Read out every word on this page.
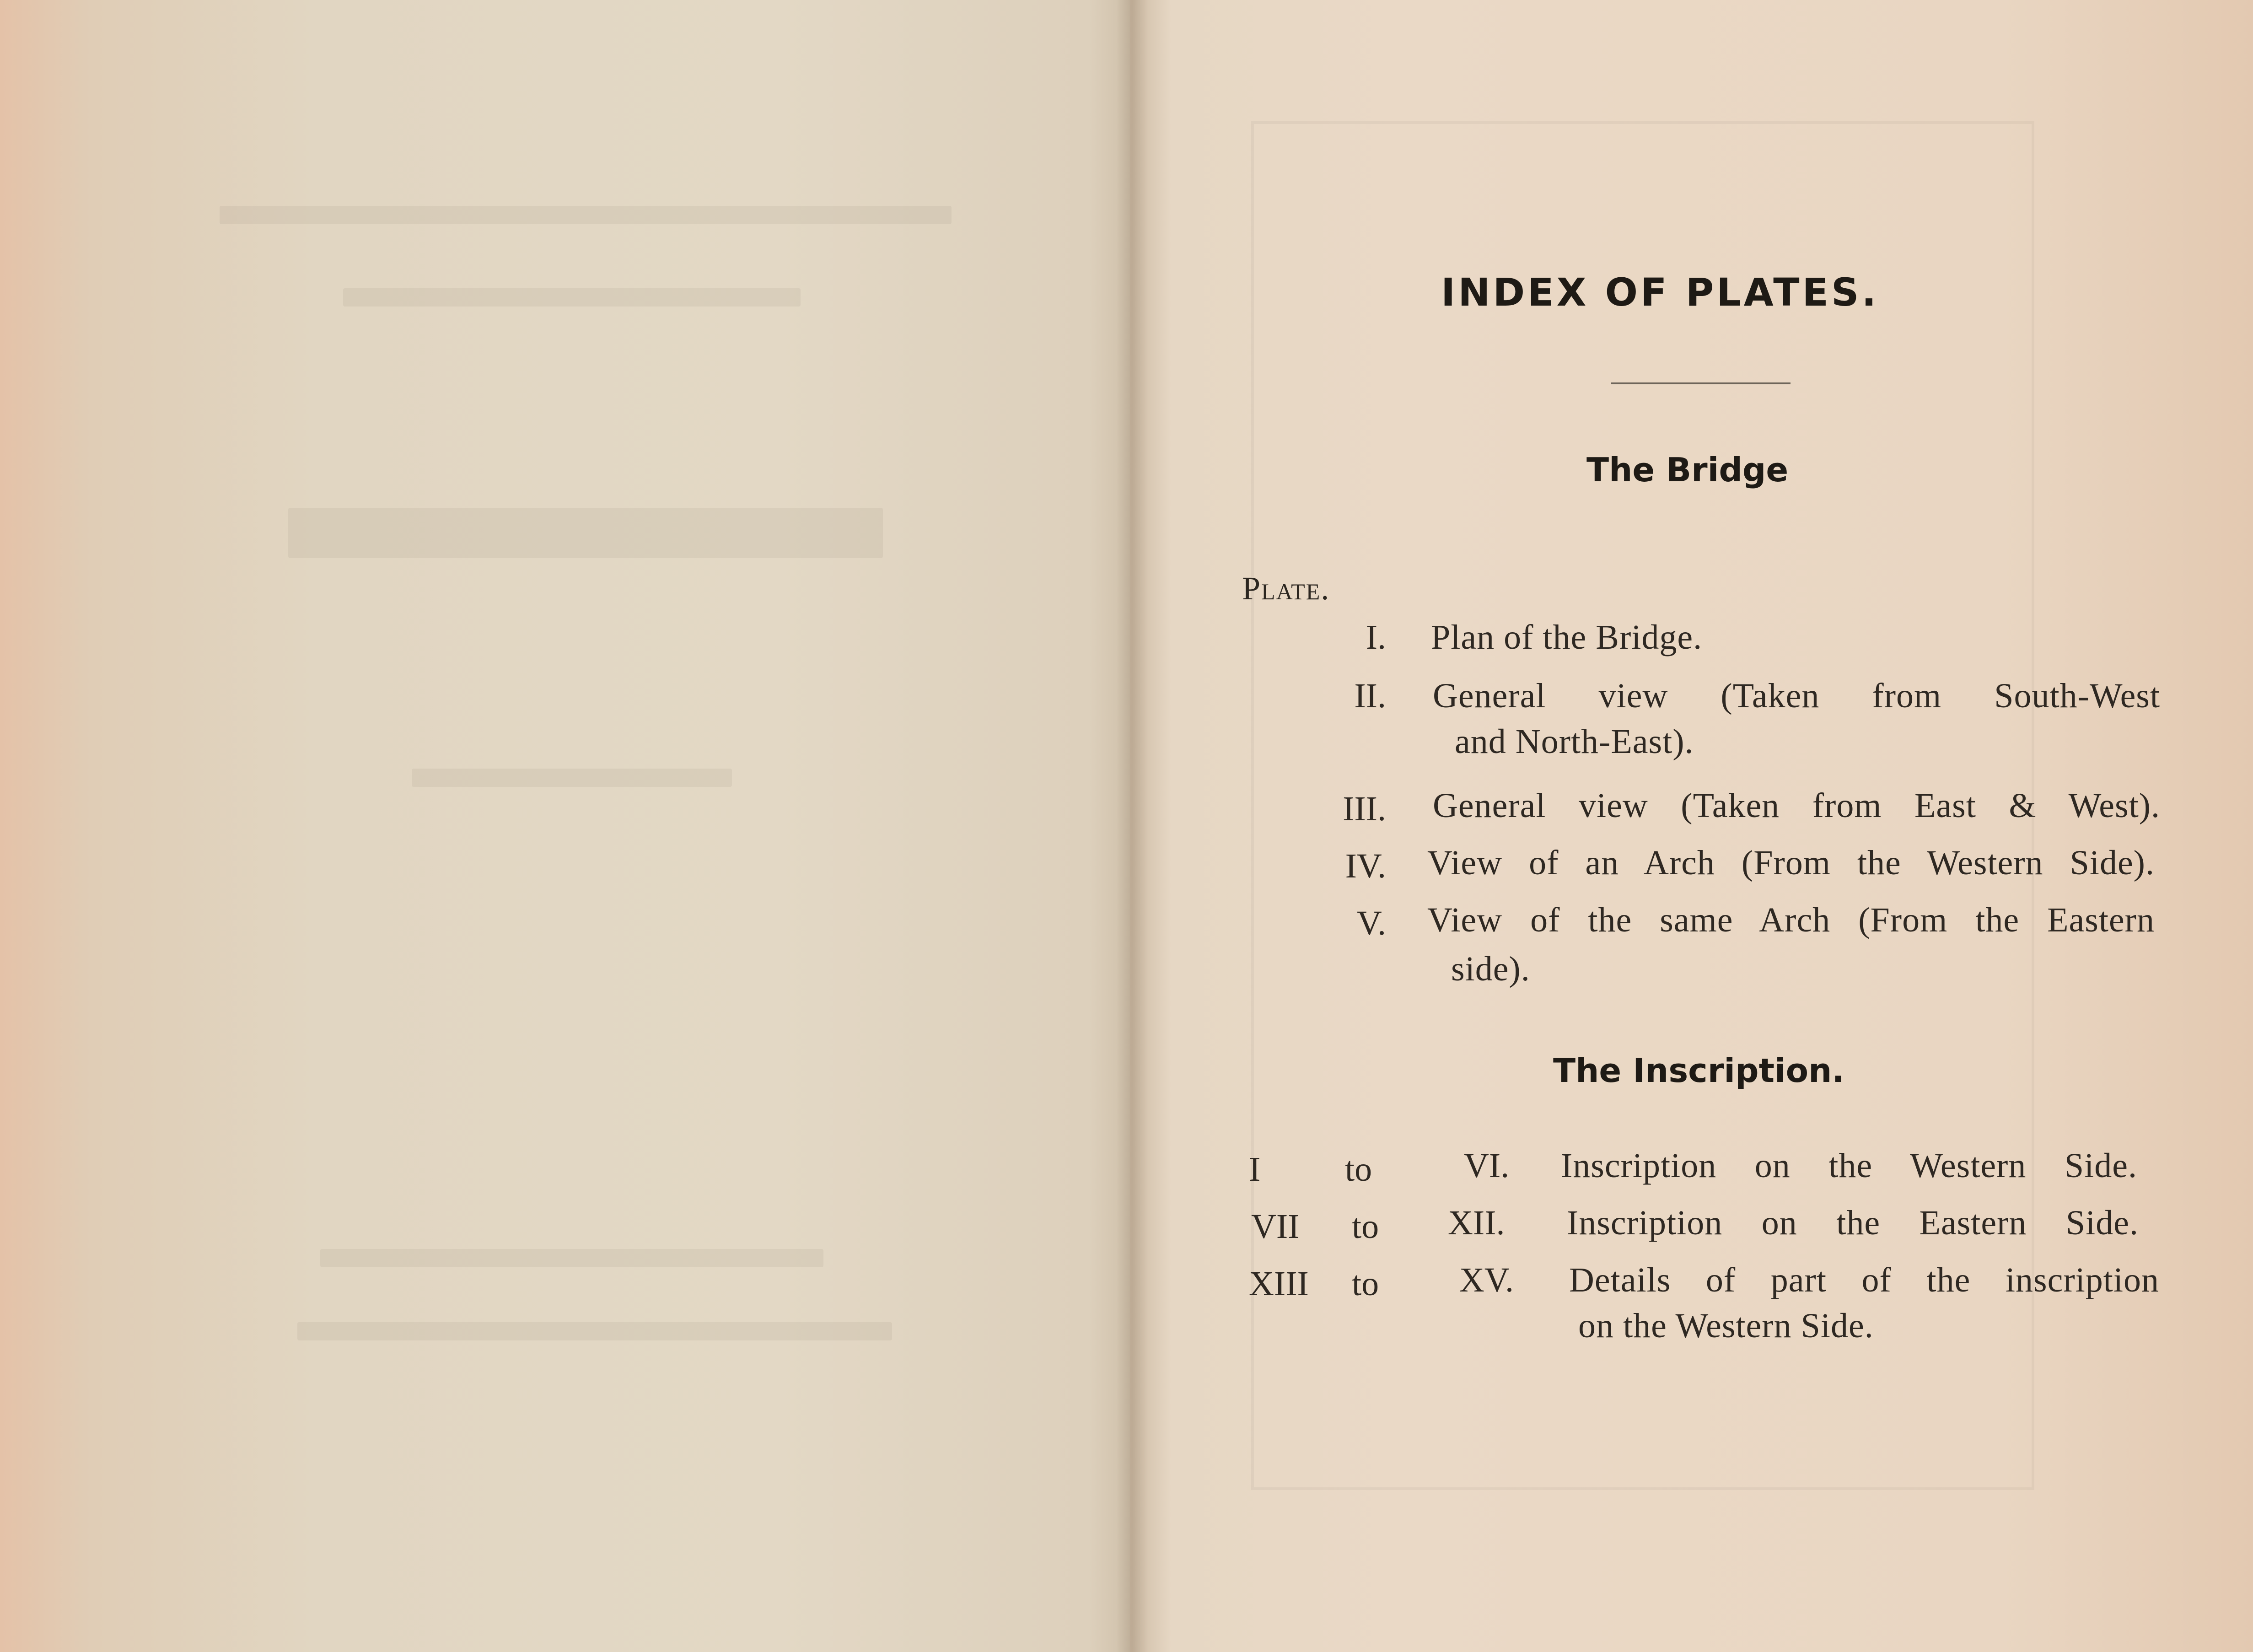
INDEX OF PLATES.
The Bridge
Plate.
I. Plan of the Bridge.
II. General view (Taken from South-West
and North-East).
III. General view (Taken from East & West).
IV. View of an Arch (From the Western Side).
V. View of the same Arch (From the Eastern
side).
The Inscription.
I to	VI. Inscription on the Western Side.
VII to XII. Inscription on the Eastern Side.
XIII to XV. Details of part of the inscription
on the Western Side.
